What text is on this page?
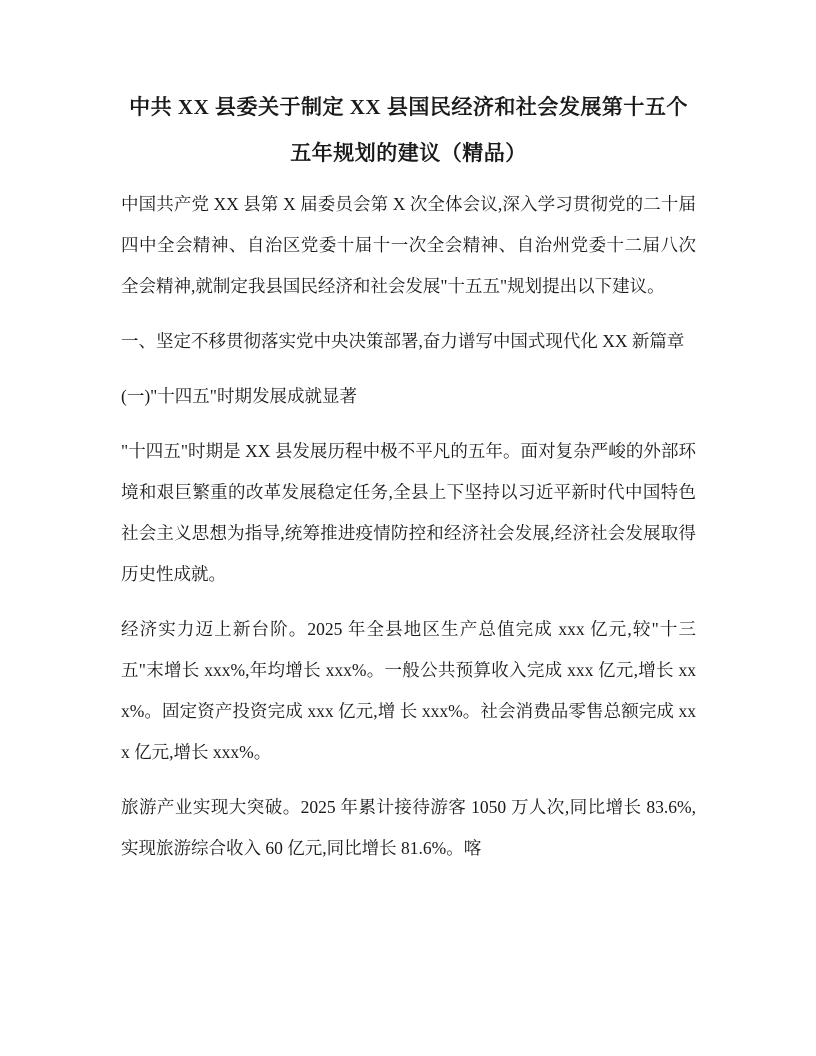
中共 XX 县委关于制定 XX 县国民经济和社会发展第十五个五年规划的建议（精品）

中国共产党 XX 县第 X 届委员会第 X 次全体会议,深入学习贯彻党的二十届四中全会精神、自治区党委十届十一次全会精神、自治州党委十二届八次全会精神,就制定我县国民经济和社会发展"十五五"规划提出以下建议。

一、坚定不移贯彻落实党中央决策部署,奋力谱写中国式现代化 XX 新篇章

(一)"十四五"时期发展成就显著

"十四五"时期是 XX 县发展历程中极不平凡的五年。面对复杂严峻的外部环境和艰巨繁重的改革发展稳定任务,全县上下坚持以习近平新时代中国特色社会主义思想为指导,统筹推进疫情防控和经济社会发展,经济社会发展取得历史性成就。

经济实力迈上新台阶。2025 年全县地区生产总值完成 xxx 亿元,较"十三五"末增长 xxx%,年均增长 xxx%。一般公共预算收入完成 xxx 亿元,增长 xxx%。固定资产投资完成 xxx 亿元,增 长 xxx%。社会消费品零售总额完成 xxx 亿元,增长 xxx%。

旅游产业实现大突破。2025 年累计接待游客 1050 万人次,同比增长 83.6%,实现旅游综合收入 60 亿元,同比增长 81.6%。喀
